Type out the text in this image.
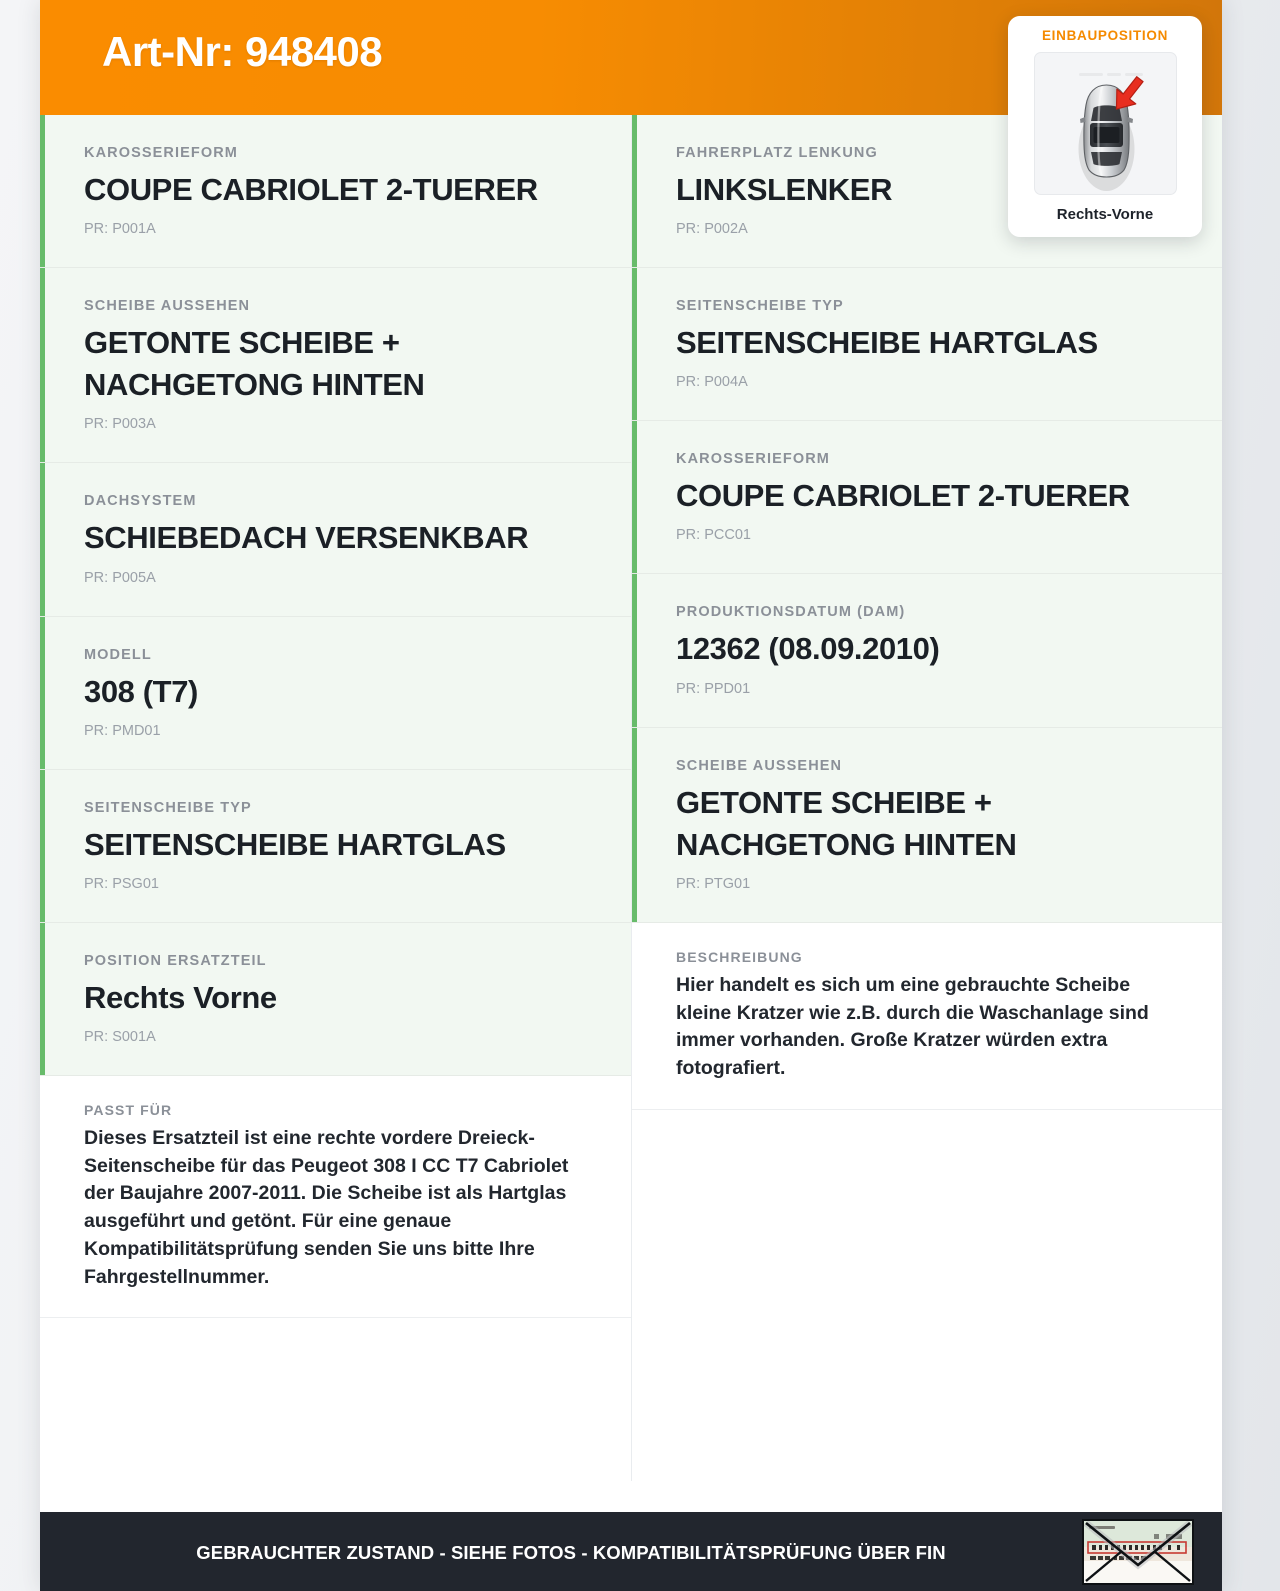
Art-Nr: 948408	EINBAUPOSITION
Rechts-Vorne
KAROSSERIEFORM
COUPE CABRIOLET 2-TUERER
PR: P001A
SCHEIBE AUSSEHEN
GETONTE SCHEIBE + NACHGETONG HINTEN
PR: P003A
DACHSYSTEM
SCHIEBEDACH VERSENKBAR
PR: P005A
MODELL
308 (T7)
PR: PMD01
SEITENSCHEIBE TYP
SEITENSCHEIBE HARTGLAS
PR: PSG01
POSITION ERSATZTEIL
Rechts Vorne
PR: S001A
PASST FÜR
Dieses Ersatzteil ist eine rechte vordere Dreieck-Seitenscheibe für das Peugeot 308 I CC T7 Cabriolet der Baujahre 2007-2011. Die Scheibe ist als Hartglas ausgeführt und getönt. Für eine genaue Kompatibilitätsprüfung senden Sie uns bitte Ihre Fahrgestellnummer.
FAHRERPLATZ LENKUNG
LINKSLENKER
PR: P002A
SEITENSCHEIBE TYP
SEITENSCHEIBE HARTGLAS
PR: P004A
KAROSSERIEFORM
COUPE CABRIOLET 2-TUERER
PR: PCC01
PRODUKTIONSDATUM (DAM)
12362 (08.09.2010)
PR: PPD01
SCHEIBE AUSSEHEN
GETONTE SCHEIBE + NACHGETONG HINTEN
PR: PTG01
BESCHREIBUNG
Hier handelt es sich um eine gebrauchte Scheibe kleine Kratzer wie z.B. durch die Waschanlage sind immer vorhanden. Große Kratzer würden extra fotografiert.
GEBRAUCHTER ZUSTAND - SIEHE FOTOS - KOMPATIBILITÄTSPRÜFUNG ÜBER FIN
